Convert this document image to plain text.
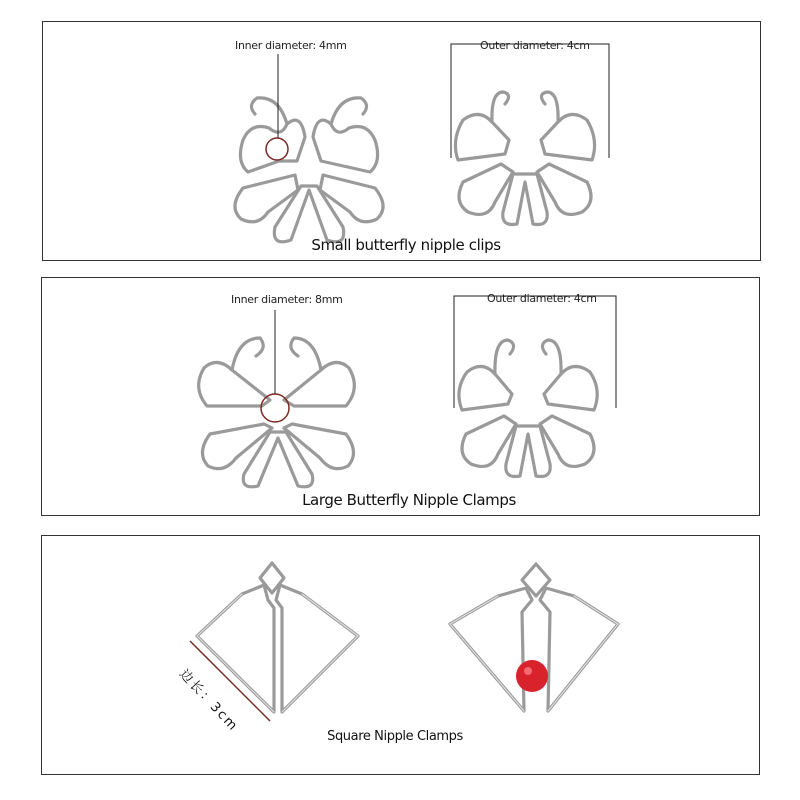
Inner diameter: 4mm	Outer diameter: 4cm
Small butterfly nipple clips
Inner diameter: 8mm	Outer diameter: 4cm
Large Butterfly Nipple Clamps
边长：3cm
Square Nipple Clamps
